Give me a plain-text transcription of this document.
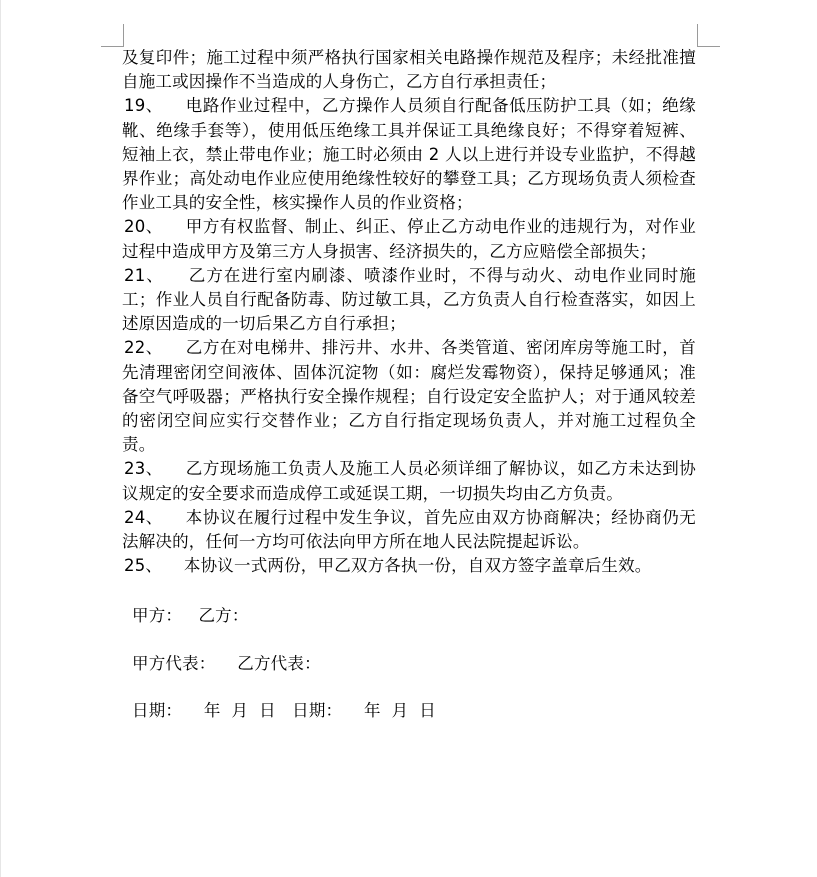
及复印件；施工过程中须严格执行国家相关电路操作规范及程序；未经批准擅自施工或因操作不当造成的人身伤亡，乙方自行承担责任；

19、 电路作业过程中，乙方操作人员须自行配备低压防护工具（如；绝缘靴、绝缘手套等），使用低压绝缘工具并保证工具绝缘良好；不得穿着短裤、短袖上衣，禁止带电作业；施工时必须由 2 人以上进行并设专业监护，不得越界作业；高处动电作业应使用绝缘性较好的攀登工具；乙方现场负责人须检查作业工具的安全性，核实操作人员的作业资格；

20、 甲方有权监督、制止、纠正、停止乙方动电作业的违规行为，对作业过程中造成甲方及第三方人身损害、经济损失的，乙方应赔偿全部损失；

21、 乙方在进行室内刷漆、喷漆作业时，不得与动火、动电作业同时施工；作业人员自行配备防毒、防过敏工具，乙方负责人自行检查落实，如因上述原因造成的一切后果乙方自行承担；

22、 乙方在对电梯井、排污井、水井、各类管道、密闭库房等施工时，首先清理密闭空间液体、固体沉淀物（如：腐烂发霉物资），保持足够通风；准备空气呼吸器；严格执行安全操作规程；自行设定安全监护人；对于通风较差的密闭空间应实行交替作业；乙方自行指定现场负责人，并对施工过程负全责。

23、 乙方现场施工负责人及施工人员必须详细了解协议，如乙方未达到协议规定的安全要求而造成停工或延误工期，一切损失均由乙方负责。

24、 本协议在履行过程中发生争议，首先应由双方协商解决；经协商仍无法解决的，任何一方均可依法向甲方所在地人民法院提起诉讼。

25、 本协议一式两份，甲乙双方各执一份，自双方签字盖章后生效。

甲方： 乙方：

甲方代表： 乙方代表：

日期： 年  月  日 日期： 年  月  日
